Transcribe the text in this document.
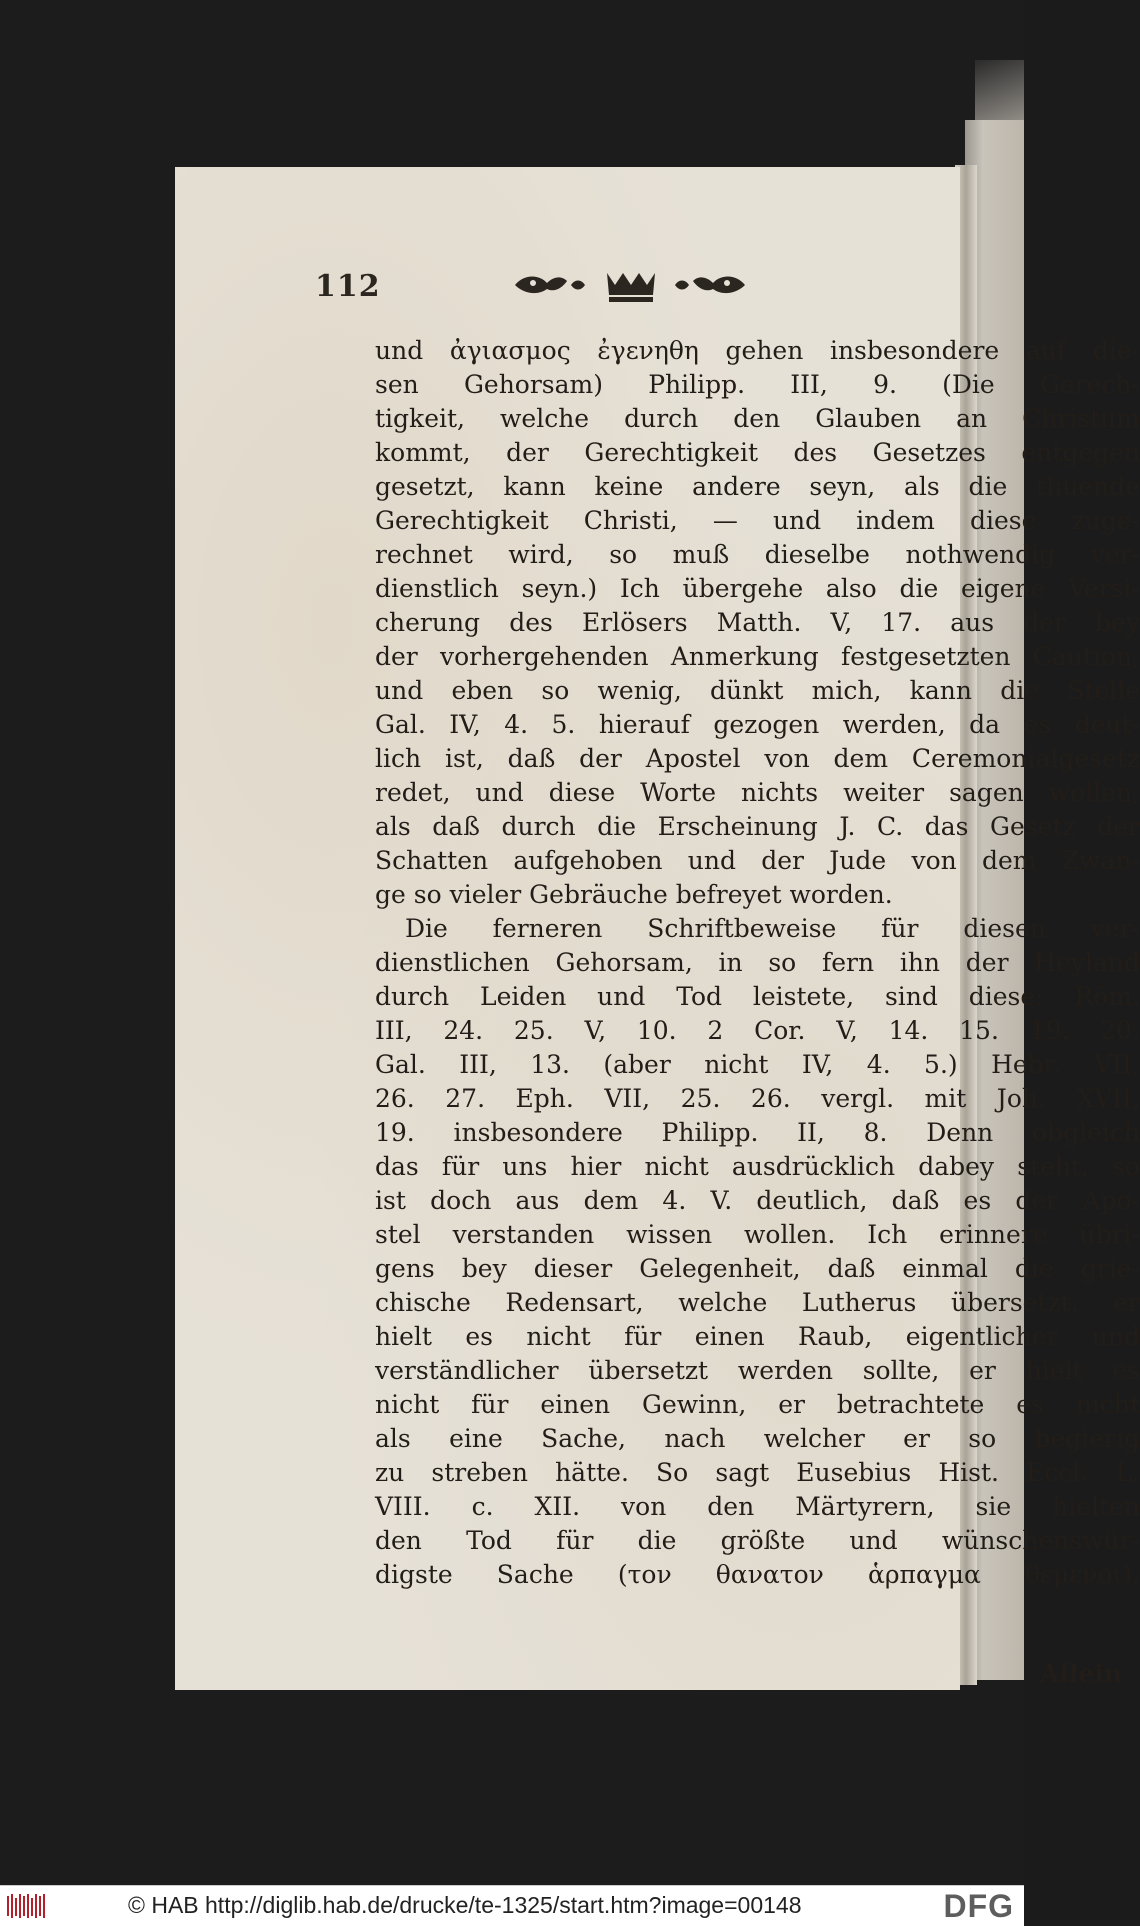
112
und ἀγιασμος ἐγενηθη gehen insbesondere auf die-
sen Gehorsam) Philipp. III, 9. (Die Gerech-
tigkeit, welche durch den Glauben an Christum
kommt, der Gerechtigkeit des Gesetzes entgegen
gesetzt, kann keine andere seyn, als die thuende
Gerechtigkeit Christi, — und indem diese zuge-
rechnet wird, so muß dieselbe nothwendig ver-
dienstlich seyn.) Ich übergehe also die eigene Versi-
cherung des Erlösers Matth. V, 17. aus der bey
der vorhergehenden Anmerkung festgesetzten Caution,
und eben so wenig, dünkt mich, kann die Stelle
Gal. IV, 4. 5. hierauf gezogen werden, da es deut-
lich ist, daß der Apostel von dem Ceremonialgesetz
redet, und diese Worte nichts weiter sagen wollen,
als daß durch die Erscheinung J. C. das Gesetz der
Schatten aufgehoben und der Jude von dem Zwan-
ge so vieler Gebräuche befreyet worden.
Die ferneren Schriftbeweise für diesen ver-
dienstlichen Gehorsam, in so fern ihn der Heyland
durch Leiden und Tod leistete, sind diese: Röm.
III, 24. 25. V, 10. 2 Cor. V, 14. 15. 19. 20.
Gal. III, 13. (aber nicht IV, 4. 5.) Hebr. VII,
26. 27. Eph. VII, 25. 26. vergl. mit Joh. XVII,
19. insbesondere Philipp. II, 8. Denn obgleich
das für uns hier nicht ausdrücklich dabey steht, so
ist doch aus dem 4. V. deutlich, daß es der Apo-
stel verstanden wissen wollen. Ich erinnere übri-
gens bey dieser Gelegenheit, daß einmal die grie-
chische Redensart, welche Lutherus übersetzt, er
hielt es nicht für einen Raub, eigentlicher und
verständlicher übersetzt werden sollte, er hielt es
nicht für einen Gewinn, er betrachtete es nicht
als eine Sache, nach welcher er so begierig
zu streben hätte. So sagt Eusebius Hist. Eccl. L.
VIII. c. XII. von den Märtyrern, sie hielten
den Tod für die größte und wünschenswür-
digste Sache (τον θανατον ἁρπαγμα θεμενοι).
Allein
© HAB http://diglib.hab.de/drucke/te-1325/start.htm?image=00148	DFG
